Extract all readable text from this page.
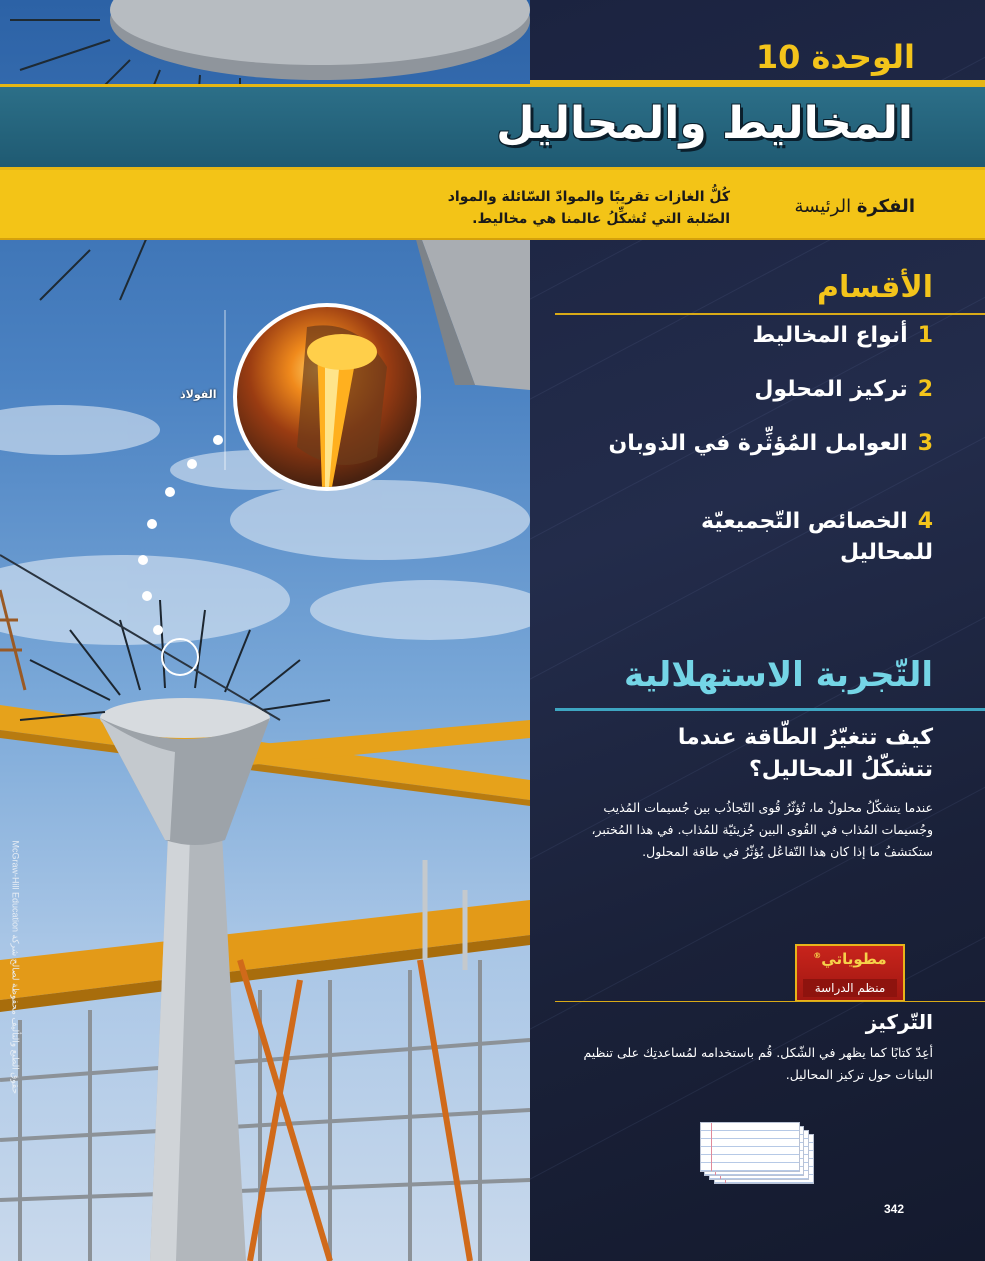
الفولاذ
McGraw-Hill Education حقوق الطبع والتأليف محفوظة لصالح شركة
الوحدة 10
المخاليط والمحاليل
الفكرة الرئيسة
كُلُّ الغازات تقريبًا والموادّ السّائلة والمواد الصّلبة التي تُشكِّلُ عالمنا هي مخاليط.
الأقسام
1أنواع المخاليط
2تركيز المحلول
3العوامل المُؤثِّرة في الذوبان
4الخصائص التّجميعيّة للمحاليل
التّجربة الاستهلالية
كيف تتغيّرُ الطّاقة عندما تتشكّلُ المحاليل؟
عندما يتشكّلُ محلولٌ ما، تُؤثّرُ قُوى التّجاذُب بين جُسيمات المُذيب وجُسيمات المُذاب في القُوى البين جُزيئيّة للمُذاب. في هذا المُختبر، ستكتشفُ ما إذا كان هذا التّفاعُل يُؤثّرُ في طاقة المحلول.
مطوياتي®
منظم الدراسة
التّركيز
أعِدّ كتابًا كما يظهر في الشّكل. قُم باستخدامه لمُساعدتِك على تنظيم البيانات حول تركيز المحاليل.
342
